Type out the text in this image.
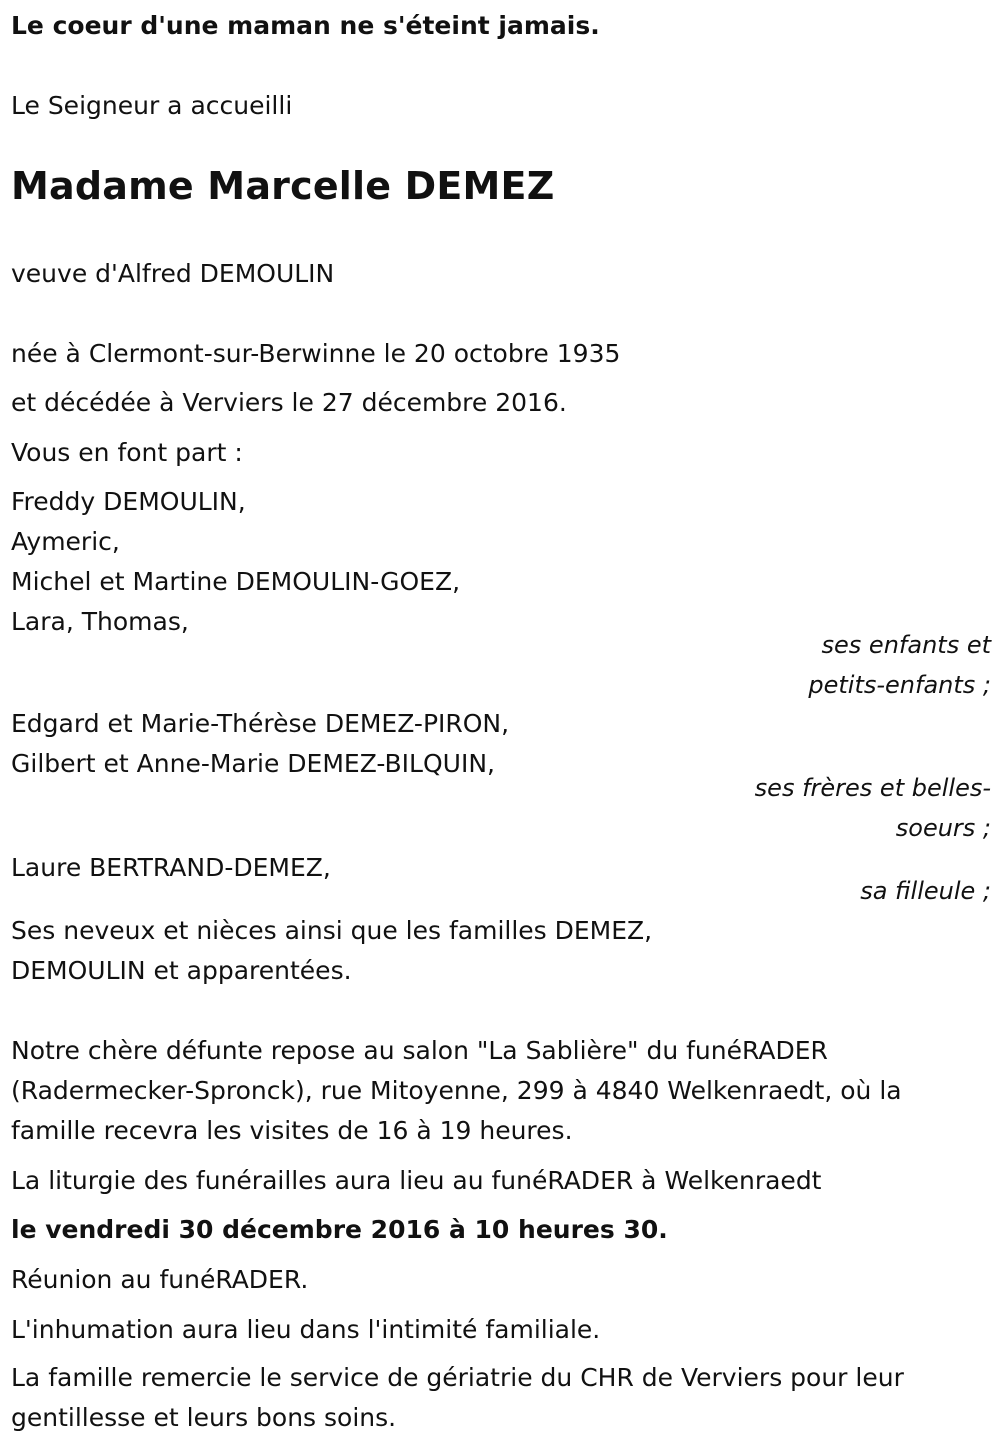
Le coeur d'une maman ne s'éteint jamais.
Le Seigneur a accueilli
Madame Marcelle DEMEZ
veuve d'Alfred DEMOULIN
née à Clermont-sur-Berwinne le 20 octobre 1935
et décédée à Verviers le 27 décembre 2016.
Vous en font part :
Freddy DEMOULIN,
Aymeric,
Michel et Martine DEMOULIN-GOEZ,
Lara, Thomas,
ses enfants et
petits-enfants ;
Edgard et Marie-Thérèse DEMEZ-PIRON,
Gilbert et Anne-Marie DEMEZ-BILQUIN,
ses frères et belles-
soeurs ;
Laure BERTRAND-DEMEZ,
sa filleule ;
Ses neveux et nièces ainsi que les familles DEMEZ,
DEMOULIN et apparentées.
Notre chère défunte repose au salon "La Sablière" du funéRADER
(Radermecker-Spronck), rue Mitoyenne, 299 à 4840 Welkenraedt, où la
famille recevra les visites de 16 à 19 heures.
La liturgie des funérailles aura lieu au funéRADER à Welkenraedt
le vendredi 30 décembre 2016 à 10 heures 30.
Réunion au funéRADER.
L'inhumation aura lieu dans l'intimité familiale.
La famille remercie le service de gériatrie du CHR de Verviers pour leur
gentillesse et leurs bons soins.
